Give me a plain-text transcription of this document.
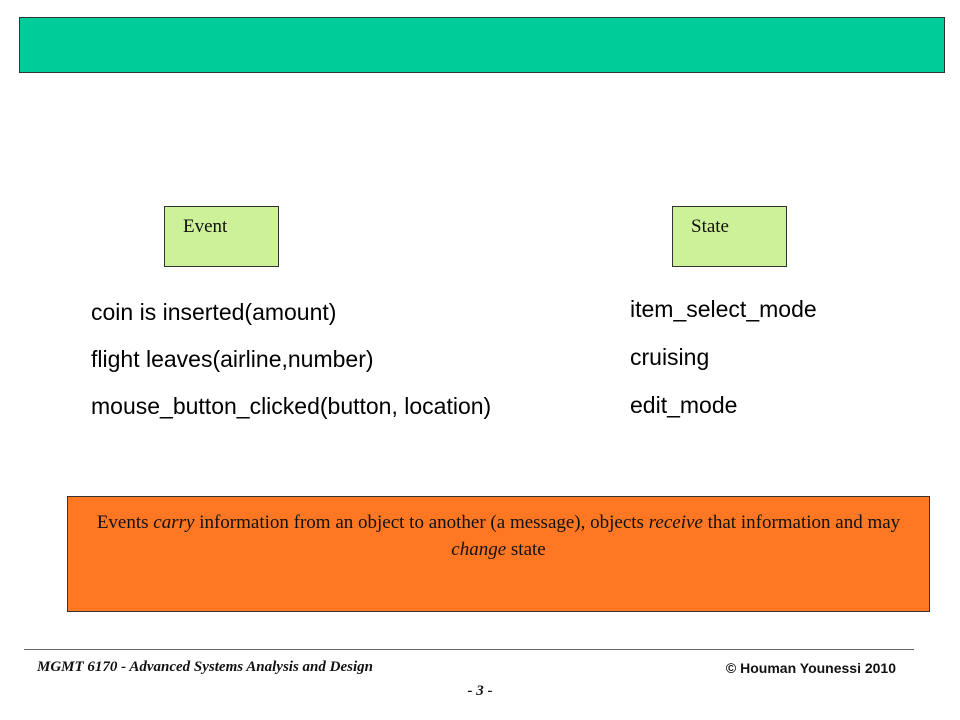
Event	State
coin is inserted(amount)
flight leaves(airline,number)
mouse_button_clicked(button, location)
item_select_mode
cruising
edit_mode
Events carry information from an object to another (a message), objects receive that information and may change state
MGMT 6170 - Advanced Systems Analysis and Design	© Houman Younessi 2010
- 3 -
